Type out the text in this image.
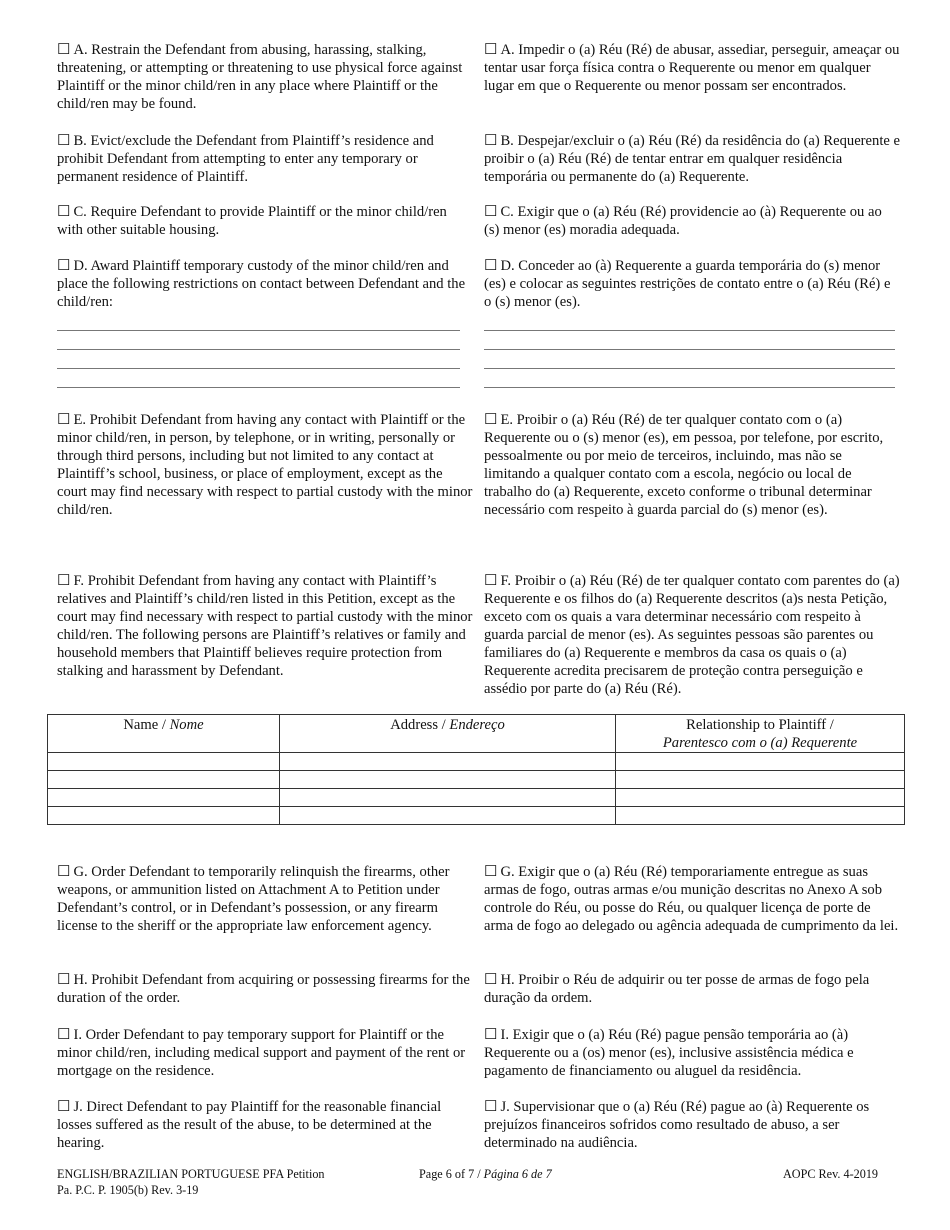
☐ A. Restrain the Defendant from abusing, harassing, stalking, threatening, or attempting or threatening to use physical force against Plaintiff or the minor child/ren in any place where Plaintiff or the child/ren may be found.

☐ A. Impedir o (a) Réu (Ré) de abusar, assediar, perseguir, ameaçar ou tentar usar força física contra o Requerente ou menor em qualquer lugar em que o Requerente ou menor possam ser encontrados.

☐ B. Evict/exclude the Defendant from Plaintiff’s residence and prohibit Defendant from attempting to enter any temporary or permanent residence of Plaintiff.

☐ B. Despejar/excluir o (a) Réu (Ré) da residência do (a) Requerente e proibir o (a) Réu (Ré) de tentar entrar em qualquer residência temporária ou permanente do (a) Requerente.

☐ C. Require Defendant to provide Plaintiff or the minor child/ren with other suitable housing.

☐ C. Exigir que o (a) Réu (Ré) providencie ao (à) Requerente ou ao (s) menor (es) moradia adequada.

☐ D. Award Plaintiff temporary custody of the minor child/ren and place the following restrictions on contact between Defendant and the child/ren:

☐ D. Conceder ao (à) Requerente a guarda temporária do (s) menor (es) e colocar as seguintes restrições de contato entre o (a) Réu (Ré) e o (s) menor (es).

☐ E. Prohibit Defendant from having any contact with Plaintiff or the minor child/ren, in person, by telephone, or in writing, personally or through third persons, including but not limited to any contact at Plaintiff’s school, business, or place of employment, except as the court may find necessary with respect to partial custody with the minor child/ren.

☐ E. Proibir o (a) Réu (Ré) de ter qualquer contato com o (a) Requerente ou o (s) menor (es), em pessoa, por telefone, por escrito, pessoalmente ou por meio de terceiros, incluindo, mas não se limitando a qualquer contato com a escola, negócio ou local de trabalho do (a) Requerente, exceto conforme o tribunal determinar necessário com respeito à guarda parcial do (s) menor (es).

☐ F. Prohibit Defendant from having any contact with Plaintiff’s relatives and Plaintiff’s child/ren listed in this Petition, except as the court may find necessary with respect to partial custody with the minor child/ren. The following persons are Plaintiff’s relatives or family and household members that Plaintiff believes require protection from stalking and harassment by Defendant.

☐ F. Proibir o (a) Réu (Ré) de ter qualquer contato com parentes do (a) Requerente e os filhos do (a) Requerente descritos (a)s nesta Petição, exceto com os quais a vara determinar necessário com respeito à guarda parcial de menor (es). As seguintes pessoas são parentes ou familiares do (a) Requerente e membros da casa os quais o (a) Requerente acredita precisarem de proteção contra perseguição e assédio por parte do (a) Réu (Ré).

Name / Nome	Address / Endereço	Relationship to Plaintiff /
Parentesco com o (a) Requerente

☐ G. Order Defendant to temporarily relinquish the firearms, other weapons, or ammunition listed on Attachment A to Petition under Defendant’s control, or in Defendant’s possession, or any firearm license to the sheriff or the appropriate law enforcement agency.

☐ G. Exigir que o (a) Réu (Ré) temporariamente entregue as suas armas de fogo, outras armas e/ou munição descritas no Anexo A sob controle do Réu, ou posse do Réu, ou qualquer licença de porte de arma de fogo ao delegado ou agência adequada de cumprimento da lei.

☐ H. Prohibit Defendant from acquiring or possessing firearms for the duration of the order.

☐ H. Proibir o Réu de adquirir ou ter posse de armas de fogo pela duração da ordem.

☐ I. Order Defendant to pay temporary support for Plaintiff or the minor child/ren, including medical support and payment of the rent or mortgage on the residence.

☐ I. Exigir que o (a) Réu (Ré) pague pensão temporária ao (à) Requerente ou a (os) menor (es), inclusive assistência médica e pagamento de financiamento ou aluguel da residência.

☐ J. Direct Defendant to pay Plaintiff for the reasonable financial losses suffered as the result of the abuse, to be determined at the hearing.

☐ J. Supervisionar que o (a) Réu (Ré) pague ao (à) Requerente os prejuízos financeiros sofridos como resultado de abuso, a ser determinado na audiência.

ENGLISH/BRAZILIAN PORTUGUESE PFA Petition
Pa. P.C. P. 1905(b) Rev. 3-19
Page 6 of 7 / Página 6 de 7	AOPC Rev. 4-2019
